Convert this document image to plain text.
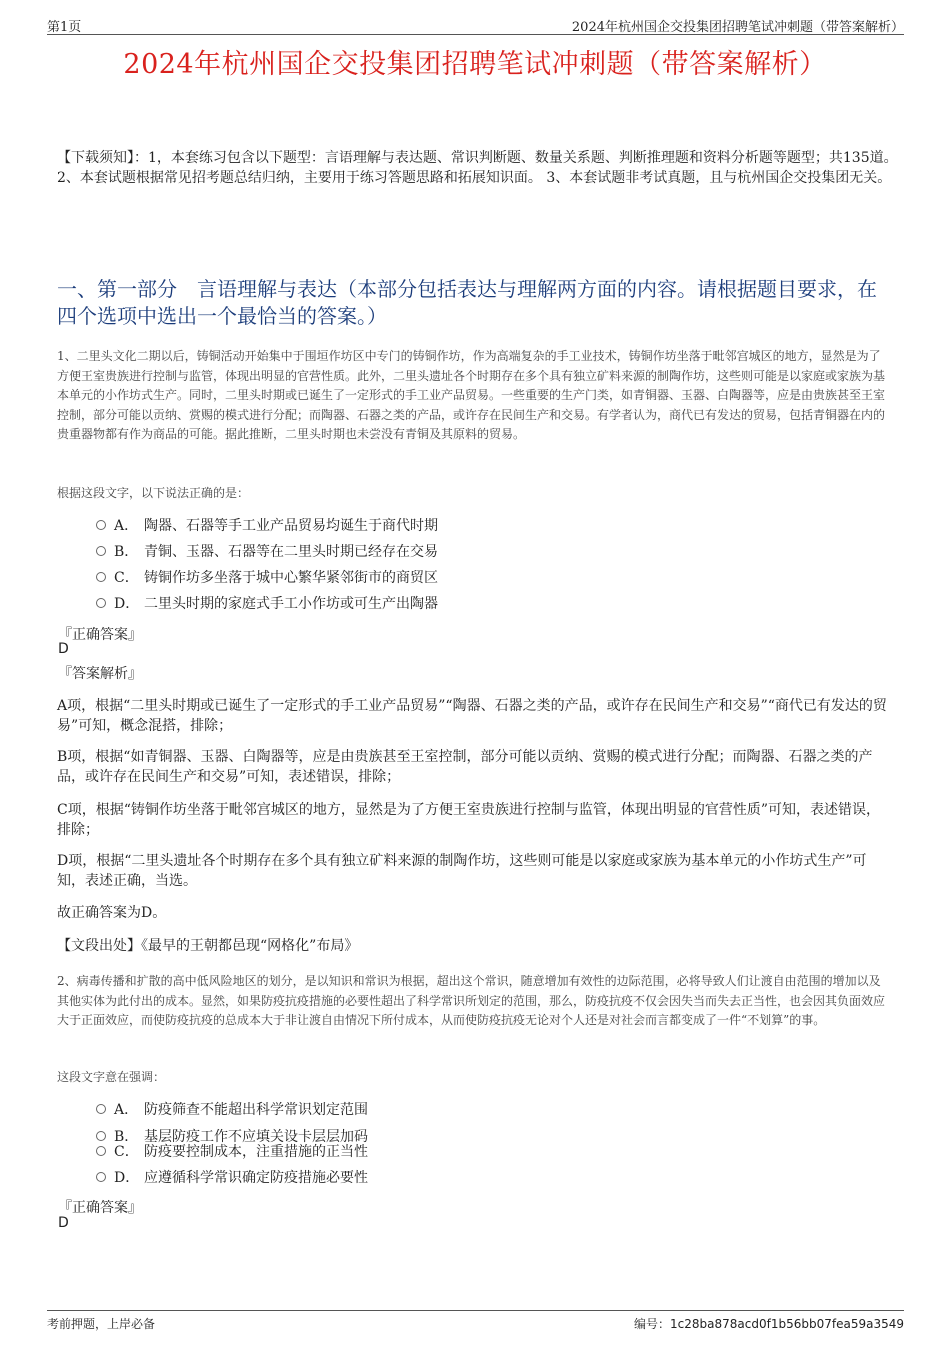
第1页	2024年杭州国企交投集团招聘笔试冲刺题（带答案解析）
2024年杭州国企交投集团招聘笔试冲刺题（带答案解析）
【下载须知】：1，本套练习包含以下题型：言语理解与表达题、常识判断题、数量关系题、判断推理题和资料分析题等题型；共135道。 2、本套试题根据常见招考题总结归纳，主要用于练习答题思路和拓展知识面。 3、本套试题非考试真题，且与杭州国企交投集团无关。
一、第一部分　言语理解与表达（本部分包括表达与理解两方面的内容。请根据题目要求，在四个选项中选出一个最恰当的答案。）
1、二里头文化二期以后，铸铜活动开始集中于围垣作坊区中专门的铸铜作坊，作为高端复杂的手工业技术，铸铜作坊坐落于毗邻宫城区的地方，显然是为了方便王室贵族进行控制与监管，体现出明显的官营性质。此外，二里头遗址各个时期存在多个具有独立矿料来源的制陶作坊，这些则可能是以家庭或家族为基本单元的小作坊式生产。同时，二里头时期或已诞生了一定形式的手工业产品贸易。一些重要的生产门类，如青铜器、玉器、白陶器等，应是由贵族甚至王室控制，部分可能以贡纳、赏赐的模式进行分配；而陶器、石器之类的产品，或许存在民间生产和交易。有学者认为，商代已有发达的贸易，包括青铜器在内的贵重器物都有作为商品的可能。据此推断，二里头时期也未尝没有青铜及其原料的贸易。
根据这段文字，以下说法正确的是：
A． 陶器、石器等手工业产品贸易均诞生于商代时期
B． 青铜、玉器、石器等在二里头时期已经存在交易
C． 铸铜作坊多坐落于城中心繁华紧邻街市的商贸区
D． 二里头时期的家庭式手工小作坊或可生产出陶器
『正确答案』
D
『答案解析』
A项，根据“二里头时期或已诞生了一定形式的手工业产品贸易”“陶器、石器之类的产品，或许存在民间生产和交易”“商代已有发达的贸易”可知，概念混搭，排除；
B项，根据“如青铜器、玉器、白陶器等，应是由贵族甚至王室控制，部分可能以贡纳、赏赐的模式进行分配；而陶器、石器之类的产品，或许存在民间生产和交易”可知，表述错误，排除；
C项，根据“铸铜作坊坐落于毗邻宫城区的地方，显然是为了方便王室贵族进行控制与监管，体现出明显的官营性质”可知，表述错误，排除；
D项，根据“二里头遗址各个时期存在多个具有独立矿料来源的制陶作坊，这些则可能是以家庭或家族为基本单元的小作坊式生产”可知，表述正确，当选。
故正确答案为D。
【文段出处】《最早的王朝都邑现“网格化”布局》
2、病毒传播和扩散的高中低风险地区的划分，是以知识和常识为根据，超出这个常识，随意增加有效性的边际范围，必将导致人们让渡自由范围的增加以及其他实体为此付出的成本。显然，如果防疫抗疫措施的必要性超出了科学常识所划定的范围，那么，防疫抗疫不仅会因失当而失去正当性，也会因其负面效应大于正面效应，而使防疫抗疫的总成本大于非让渡自由情况下所付成本，从而使防疫抗疫无论对个人还是对社会而言都变成了一件“不划算”的事。
这段文字意在强调：
A． 防疫筛查不能超出科学常识划定范围
B． 基层防疫工作不应填关设卡层层加码
C． 防疫要控制成本，注重措施的正当性
D． 应遵循科学常识确定防疫措施必要性
『正确答案』
D
考前押题，上岸必备	编号：1c28ba878acd0f1b56bb07fea59a3549
